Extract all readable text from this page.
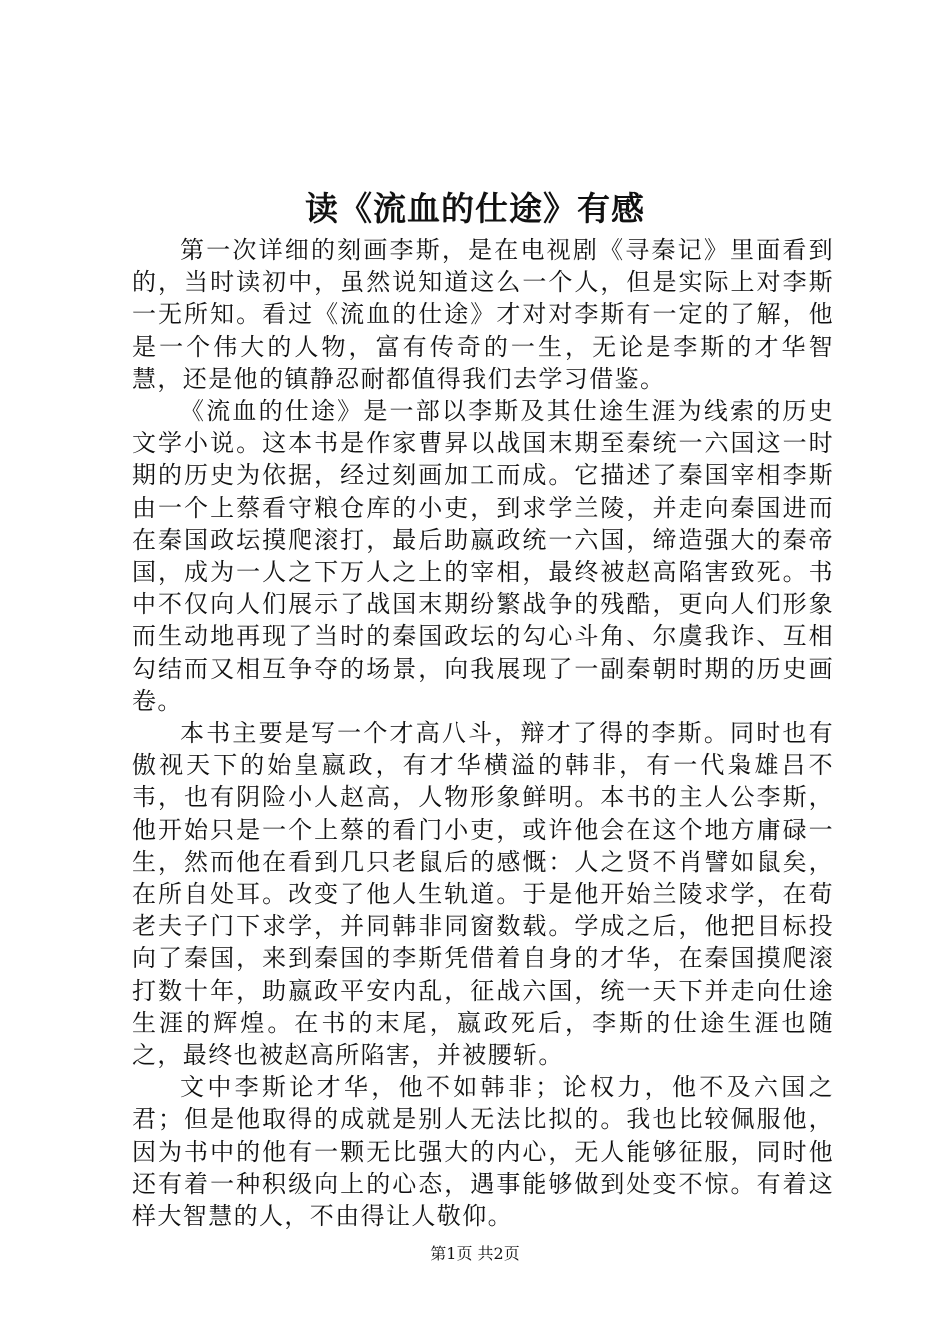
读《流血的仕途》有感

第一次详细的刻画李斯，是在电视剧《寻秦记》里面看到的，当时读初中，虽然说知道这么一个人，但是实际上对李斯一无所知。看过《流血的仕途》才对对李斯有一定的了解，他是一个伟大的人物，富有传奇的一生，无论是李斯的才华智慧，还是他的镇静忍耐都值得我们去学习借鉴。

《流血的仕途》是一部以李斯及其仕途生涯为线索的历史文学小说。这本书是作家曹昇以战国末期至秦统一六国这一时期的历史为依据，经过刻画加工而成。它描述了秦国宰相李斯由一个上蔡看守粮仓库的小吏，到求学兰陵，并走向秦国进而在秦国政坛摸爬滚打，最后助嬴政统一六国，缔造强大的秦帝国，成为一人之下万人之上的宰相，最终被赵高陷害致死。书中不仅向人们展示了战国末期纷繁战争的残酷，更向人们形象而生动地再现了当时的秦国政坛的勾心斗角、尔虞我诈、互相勾结而又相互争夺的场景，向我展现了一副秦朝时期的历史画卷。

本书主要是写一个才高八斗，辩才了得的李斯。同时也有傲视天下的始皇嬴政，有才华横溢的韩非，有一代枭雄吕不韦，也有阴险小人赵高，人物形象鲜明。本书的主人公李斯，他开始只是一个上蔡的看门小吏，或许他会在这个地方庸碌一生，然而他在看到几只老鼠后的感慨：人之贤不肖譬如鼠矣，在所自处耳。改变了他人生轨道。于是他开始兰陵求学，在荀老夫子门下求学，并同韩非同窗数载。学成之后，他把目标投向了秦国，来到秦国的李斯凭借着自身的才华，在秦国摸爬滚打数十年，助嬴政平安内乱，征战六国，统一天下并走向仕途生涯的辉煌。在书的末尾，嬴政死后，李斯的仕途生涯也随之，最终也被赵高所陷害，并被腰斩。

文中李斯论才华，他不如韩非；论权力，他不及六国之君；但是他取得的成就是别人无法比拟的。我也比较佩服他，因为书中的他有一颗无比强大的内心，无人能够征服，同时他还有着一种积级向上的心态，遇事能够做到处变不惊。有着这样大智慧的人，不由得让人敬仰。

第1页 共2页
